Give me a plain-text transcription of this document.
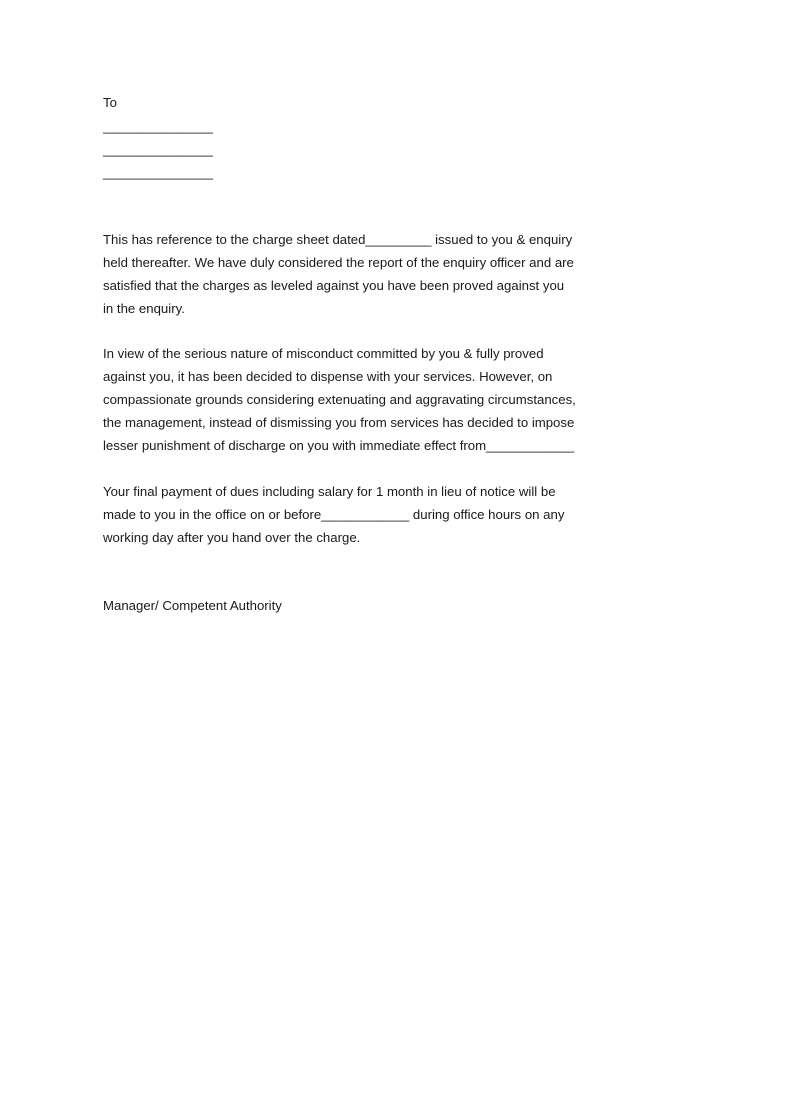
To

_______________

_______________

_______________

This has reference to the charge sheet dated_________ issued to you & enquiry
held thereafter. We have duly considered the report of the enquiry officer and are
satisfied that the charges as leveled against you have been proved against you
in the enquiry.
In view of the serious nature of misconduct committed by you & fully proved
against you, it has been decided to dispense with your services. However, on
compassionate grounds considering extenuating and aggravating circumstances,
the management, instead of dismissing you from services has decided to impose
lesser punishment of discharge on you with immediate effect from____________
Your final payment of dues including salary for 1 month in lieu of notice will be
made to you in the office on or before____________ during office hours on any
working day after you hand over the charge.

Manager/ Competent Authority
